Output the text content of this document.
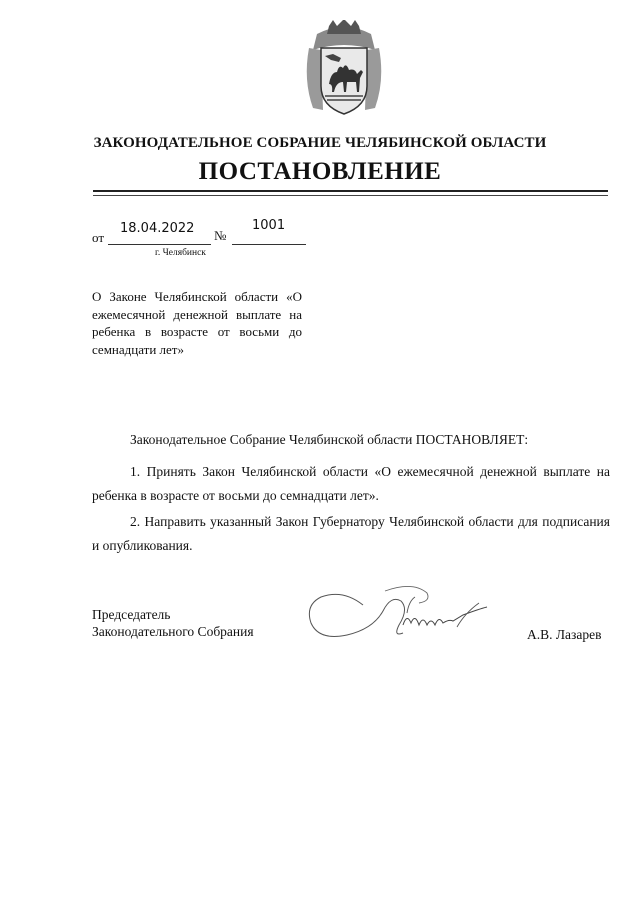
ЗАКОНОДАТЕЛЬНОЕ СОБРАНИЕ ЧЕЛЯБИНСКОЙ ОБЛАСТИ
ПОСТАНОВЛЕНИЕ
от
18.04.2022 №
1001
г. Челябинск
О Законе Челябинской области «О ежемесячной денежной выплате на ребенка в возрасте от восьми до семнадцати лет»
Законодательное Собрание Челябинской области ПОСТАНОВЛЯЕТ:
1. Принять Закон Челябинской области «О ежемесячной денежной выплате на ребенка в возрасте от восьми до семнадцати лет».
2. Направить указанный Закон Губернатору Челябинской области для подписания и опубликования.
Председатель
Законодательного Собрания	А.В. Лазарев
